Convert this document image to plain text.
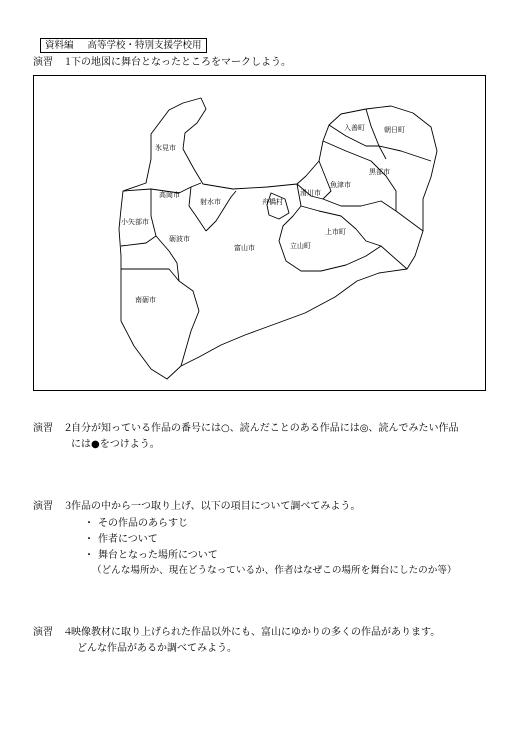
資料編 高等学校・特別支援学校用
演習　１下の地図に舞台となったところをマークしよう。
氷見市
高岡市
射水市
小矢部市
砺波市
南砺市
富山市
舟橋村
滑川市
立山町
魚津市
上市町
黒部市
入善町	朝日町
演習　２自分が知っている作品の番号には○、読んだことのある作品には◎、読んでみたい作品
には●をつけよう。
演習　３作品の中から一つ取り上げ、以下の項目について調べてみよう。
・ その作品のあらすじ
・ 作者について
・ 舞台となった場所について
（どんな場所か、現在どうなっているか、作者はなぜこの場所を舞台にしたのか等）
演習　４映像教材に取り上げられた作品以外にも、富山にゆかりの多くの作品があります。
どんな作品があるか調べてみよう。
